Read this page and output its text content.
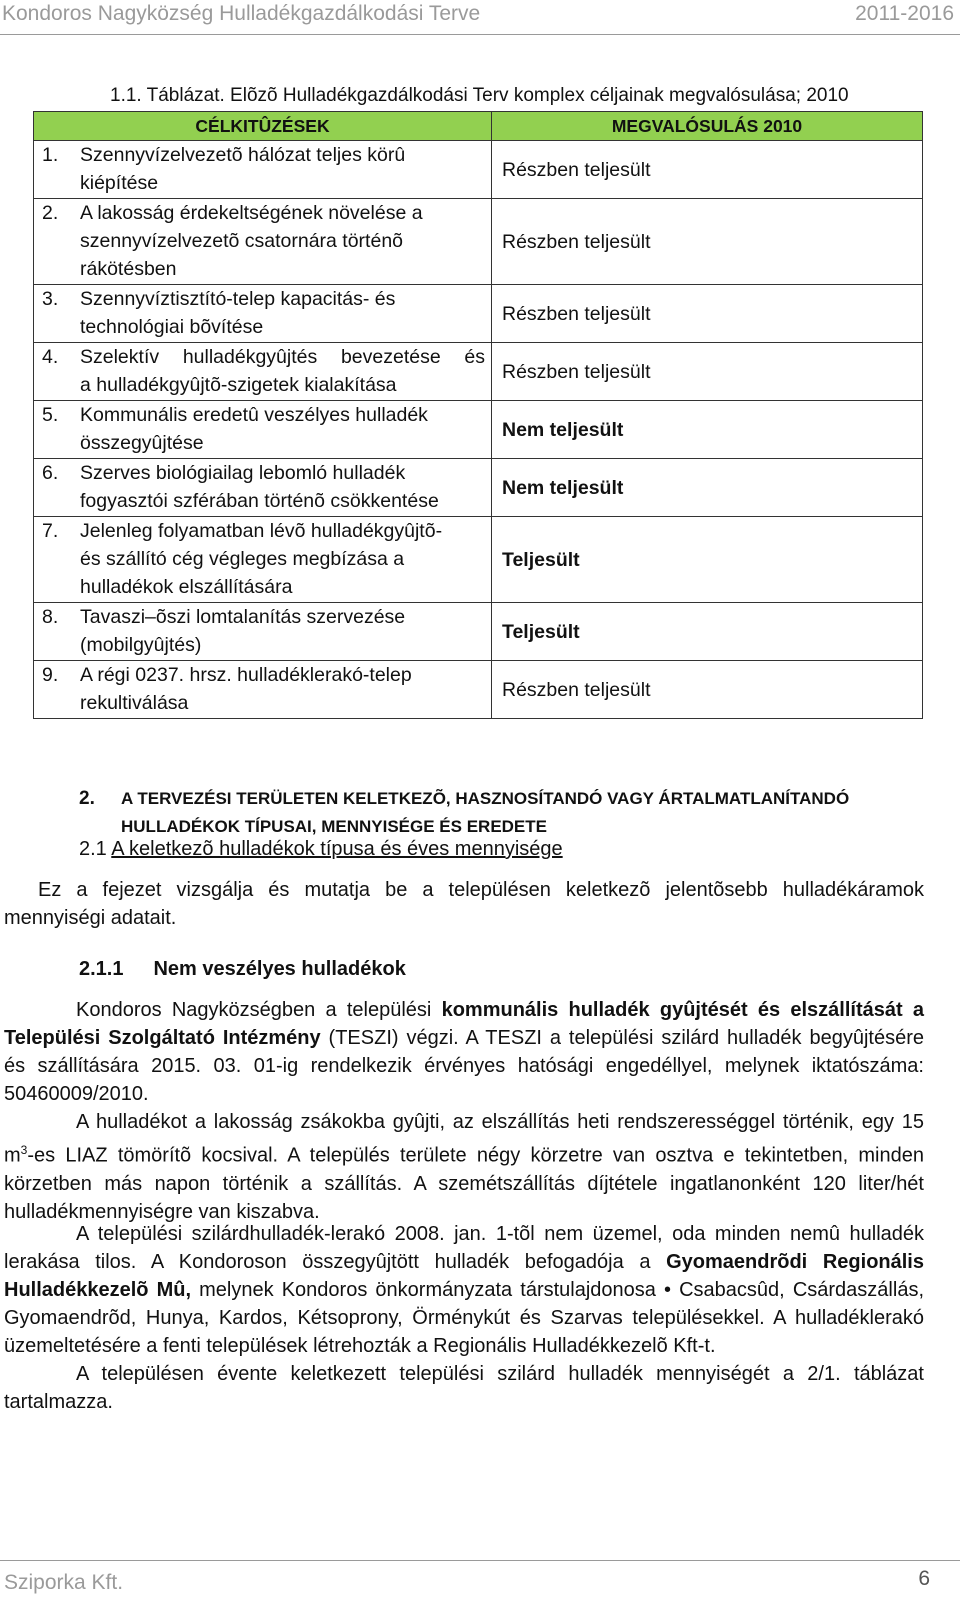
Kondoros Nagyközség Hulladékgazdálkodási Terve	2011-2016
1.1. Táblázat. Elõzõ Hulladékgazdálkodási Terv komplex céljainak megvalósulása; 2010
CÉLKITÛZÉSEK	MEGVALÓSULÁS 2010

1. Szennyvízelvezetõ hálózat teljes körû
kiépítése	Részben teljesült

2. A lakosság érdekeltségének növelése a
szennyvízelvezetõ csatornára történõ
rákötésben	Részben teljesült

3. Szennyvíztisztító-telep kapacitás- és
technológiai bõvítése	Részben teljesült

4. Szelektív hulladékgyûjtés bevezetése és
a hulladékgyûjtõ-szigetek kialakítása	Részben teljesült

5. Kommunális eredetû veszélyes hulladék
összegyûjtése	Nem teljesült

6. Szerves biológiailag lebomló hulladék
fogyasztói szférában történõ csökkentése	Nem teljesült

7. Jelenleg folyamatban lévõ hulladékgyûjtõ-
és szállító cég végleges megbízása a
hulladékok elszállítására	Teljesült

8. Tavaszi–õszi lomtalanítás szervezése
(mobilgyûjtés)	Teljesült

9. A régi 0237. hrsz. hulladéklerakó-telep
rekultiválása	Részben teljesült
2. A TERVEZÉSI TERÜLETEN KELETKEZÕ, HASZNOSÍTANDÓ VAGY ÁRTALMATLANÍTANDÓ HULLADÉKOK TÍPUSAI, MENNYISÉGE ÉS EREDETE
2.1 A keletkezõ hulladékok típusa és éves mennyisége

Ez a fejezet vizsgálja és mutatja be a településen keletkezõ jelentõsebb hulladékáramok mennyiségi adatait.

2.1.1 Nem veszélyes hulladékok

Kondoros Nagyközségben a települési kommunális hulladék gyûjtését és elszállítását a Települési Szolgáltató Intézmény (TESZI) végzi. A TESZI a települési szilárd hulladék begyûjtésére és szállítására 2015. 03. 01-ig rendelkezik érvényes hatósági engedéllyel, melynek iktatószáma: 50460009/2010.

A hulladékot a lakosság zsákokba gyûjti, az elszállítás heti rendszerességgel történik, egy 15 $m^3-es$ LIAZ tömörítõ kocsival. A település területe négy körzetre van osztva e tekintetben, minden körzetben más napon történik a szállítás. A szemétszállítás díjtétele ingatlanonként 120 liter/hét hulladékmennyiségre van kiszabva.

A települési szilárdhulladék-lerakó 2008. jan. 1-tõl nem üzemel, oda minden nemû hulladék lerakása tilos. A Kondoroson összegyûjtött hulladék befogadója a Gyomaendrõdi Regionális Hulladékkezelõ Mû, melynek Kondoros önkormányzata társtulajdonosa • Csabacsûd, Csárdaszállás, Gyomaendrõd, Hunya, Kardos, Kétsoprony, Örménykút és Szarvas településekkel. A hulladéklerakó üzemeltetésére a fenti települések létrehozták a Regionális Hulladékkezelõ Kft-t.

A településen évente keletkezett települési szilárd hulladék mennyiségét a 2/1. táblázat tartalmazza.

Sziporka Kft.	6
